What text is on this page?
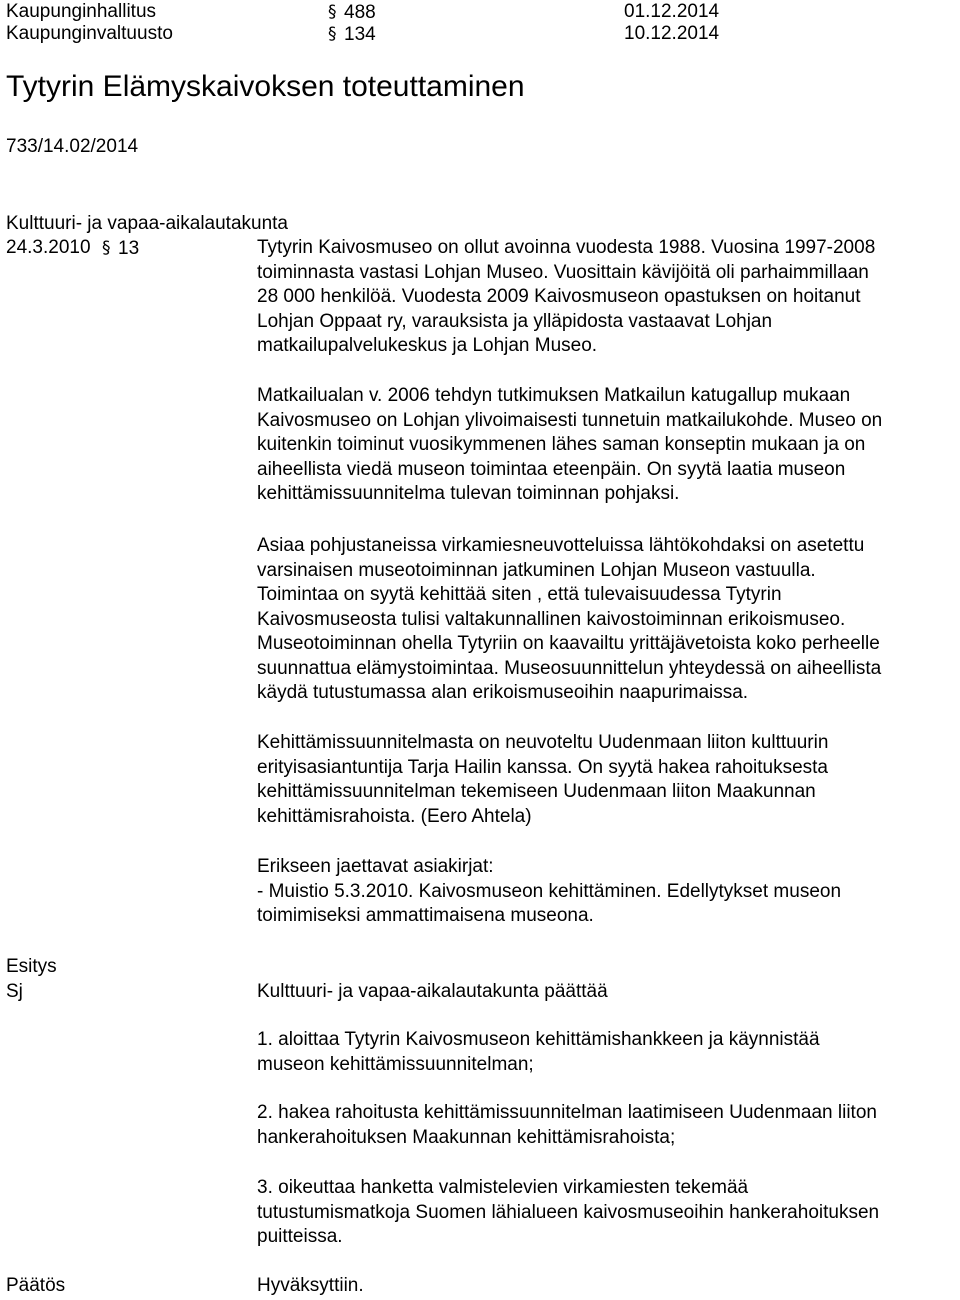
Kaupunginhallitus	§ 488	01.12.2014
Kaupunginvaltuusto	§ 134	10.12.2014
Tytyrin Elämyskaivoksen toteuttaminen
733/14.02/2014
Kulttuuri- ja vapaa-aikalautakunta
24.3.2010 § 13	Tytyrin Kaivosmuseo on ollut avoinna vuodesta 1988. Vuosina 1997-2008
toiminnasta vastasi Lohjan Museo. Vuosittain kävijöitä oli parhaimmillaan
28 000 henkilöä. Vuodesta 2009 Kaivosmuseon opastuksen on hoitanut
Lohjan Oppaat ry, varauksista ja ylläpidosta vastaavat Lohjan
matkailupalvelukeskus ja Lohjan Museo.
Matkailualan v. 2006 tehdyn tutkimuksen Matkailun katugallup mukaan
Kaivosmuseo on Lohjan ylivoimaisesti tunnetuin matkailukohde. Museo on
kuitenkin toiminut vuosikymmenen lähes saman konseptin mukaan ja on
aiheellista viedä museon toimintaa eteenpäin. On syytä laatia museon
kehittämissuunnitelma tulevan toiminnan pohjaksi.
Asiaa pohjustaneissa virkamiesneuvotteluissa lähtökohdaksi on asetettu
varsinaisen museotoiminnan jatkuminen Lohjan Museon vastuulla.
Toimintaa on syytä kehittää siten , että tulevaisuudessa Tytyrin
Kaivosmuseosta tulisi valtakunnallinen kaivostoiminnan erikoismuseo.
Museotoiminnan ohella Tytyriin on kaavailtu yrittäjävetoista koko perheelle
suunnattua elämystoimintaa. Museosuunnittelun yhteydessä on aiheellista
käydä tutustumassa alan erikoismuseoihin naapurimaissa.
Kehittämissuunnitelmasta on neuvoteltu Uudenmaan liiton kulttuurin
erityisasiantuntija Tarja Hailin kanssa. On syytä hakea rahoituksesta
kehittämissuunnitelman tekemiseen Uudenmaan liiton Maakunnan
kehittämisrahoista. (Eero Ahtela)
Erikseen jaettavat asiakirjat:
- Muistio 5.3.2010. Kaivosmuseon kehittäminen. Edellytykset museon
toimimiseksi ammattimaisena museona.
Esitys
Sj	Kulttuuri- ja vapaa-aikalautakunta päättää
1. aloittaa Tytyrin Kaivosmuseon kehittämishankkeen ja käynnistää
museon kehittämissuunnitelman;
2. hakea rahoitusta kehittämissuunnitelman laatimiseen Uudenmaan liiton
hankerahoituksen Maakunnan kehittämisrahoista;
3. oikeuttaa hanketta valmistelevien virkamiesten tekemää
tutustumismatkoja Suomen lähialueen kaivosmuseoihin hankerahoituksen
puitteissa.
Päätös	Hyväksyttiin.
